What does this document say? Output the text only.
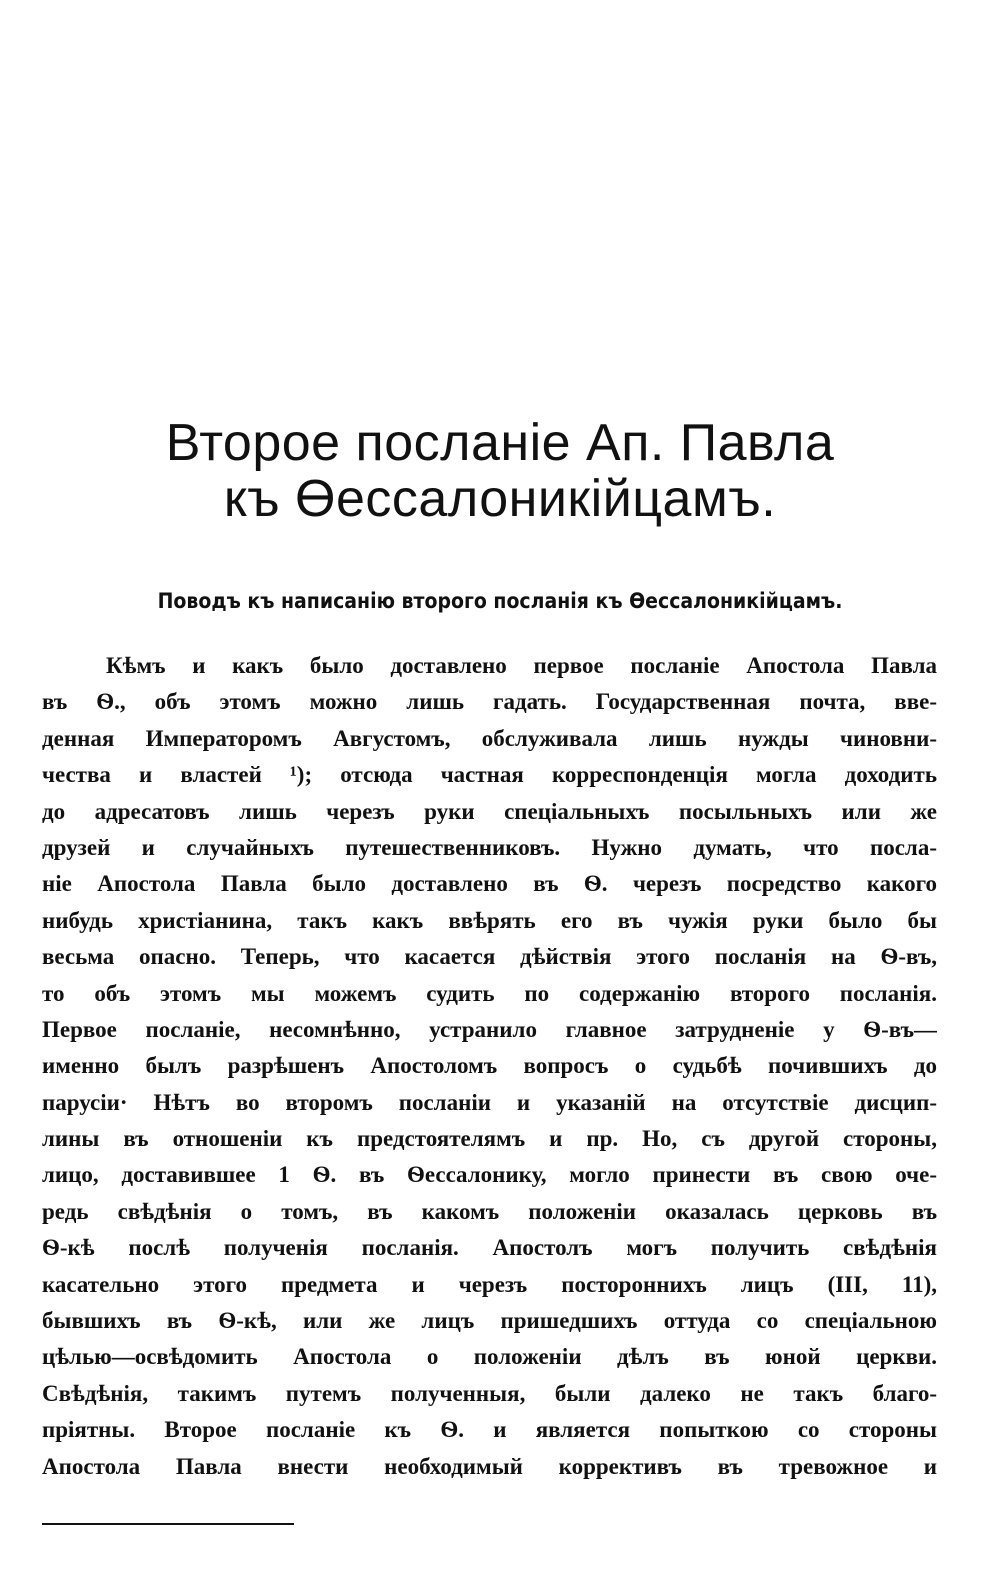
Второе посланіе Ап. Павла
къ Өессалоникійцамъ.
Поводъ къ написанію второго посланія къ Өессалоникійцамъ.
Кѣмъ и какъ было доставлено первое посланіе Апостола Павла
въ Ѳ., объ этомъ можно лишь гадать. Государственная почта, вве-
денная Императоромъ Августомъ, обслуживала лишь нужды чиновни-
чества и властей ¹); отсюда частная корреспонденція могла доходить
до адресатовъ лишь черезъ руки спеціальныхъ посыльныхъ или же
друзей и случайныхъ путешественниковъ. Нужно думать, что посла-
ніе Апостола Павла было доставлено въ Ѳ. черезъ посредство какого
нибудь христіанина, такъ какъ ввѣрять его въ чужія руки было бы
весьма опасно. Теперь, что касается дѣйствія этого посланія на Ѳ-въ,
то объ этомъ мы можемъ судить по содержанію второго посланія.
Первое посланіе, несомнѣнно, устранило главное затрудненіе у Ѳ-въ—
именно былъ разрѣшенъ Апостоломъ вопросъ о судьбѣ почившихъ до
парусіи· Нѣтъ во второмъ посланіи и указаній на отсутствіе дисцип-
лины въ отношеніи къ предстоятелямъ и пр. Но, съ другой стороны,
лицо, доставившее 1 Ѳ. въ Ѳессалонику, могло принести въ свою оче-
редь свѣдѣнія о томъ, въ какомъ положеніи оказалась церковь въ
Ѳ-кѣ послѣ полученія посланія. Апостолъ могъ получить свѣдѣнія
касательно этого предмета и черезъ постороннихъ лицъ (III, 11),
бывшихъ въ Ѳ-кѣ, или же лицъ пришедшихъ оттуда со спеціальною
цѣлью—освѣдомить Апостола о положеніи дѣлъ въ юной церкви.
Свѣдѣнія, такимъ путемъ полученныя, были далеко не такъ благо-
пріятны. Второе посланіе къ Ѳ. и является попыткою со стороны
Апостола Павла внести необходимый коррективъ въ тревожное и
